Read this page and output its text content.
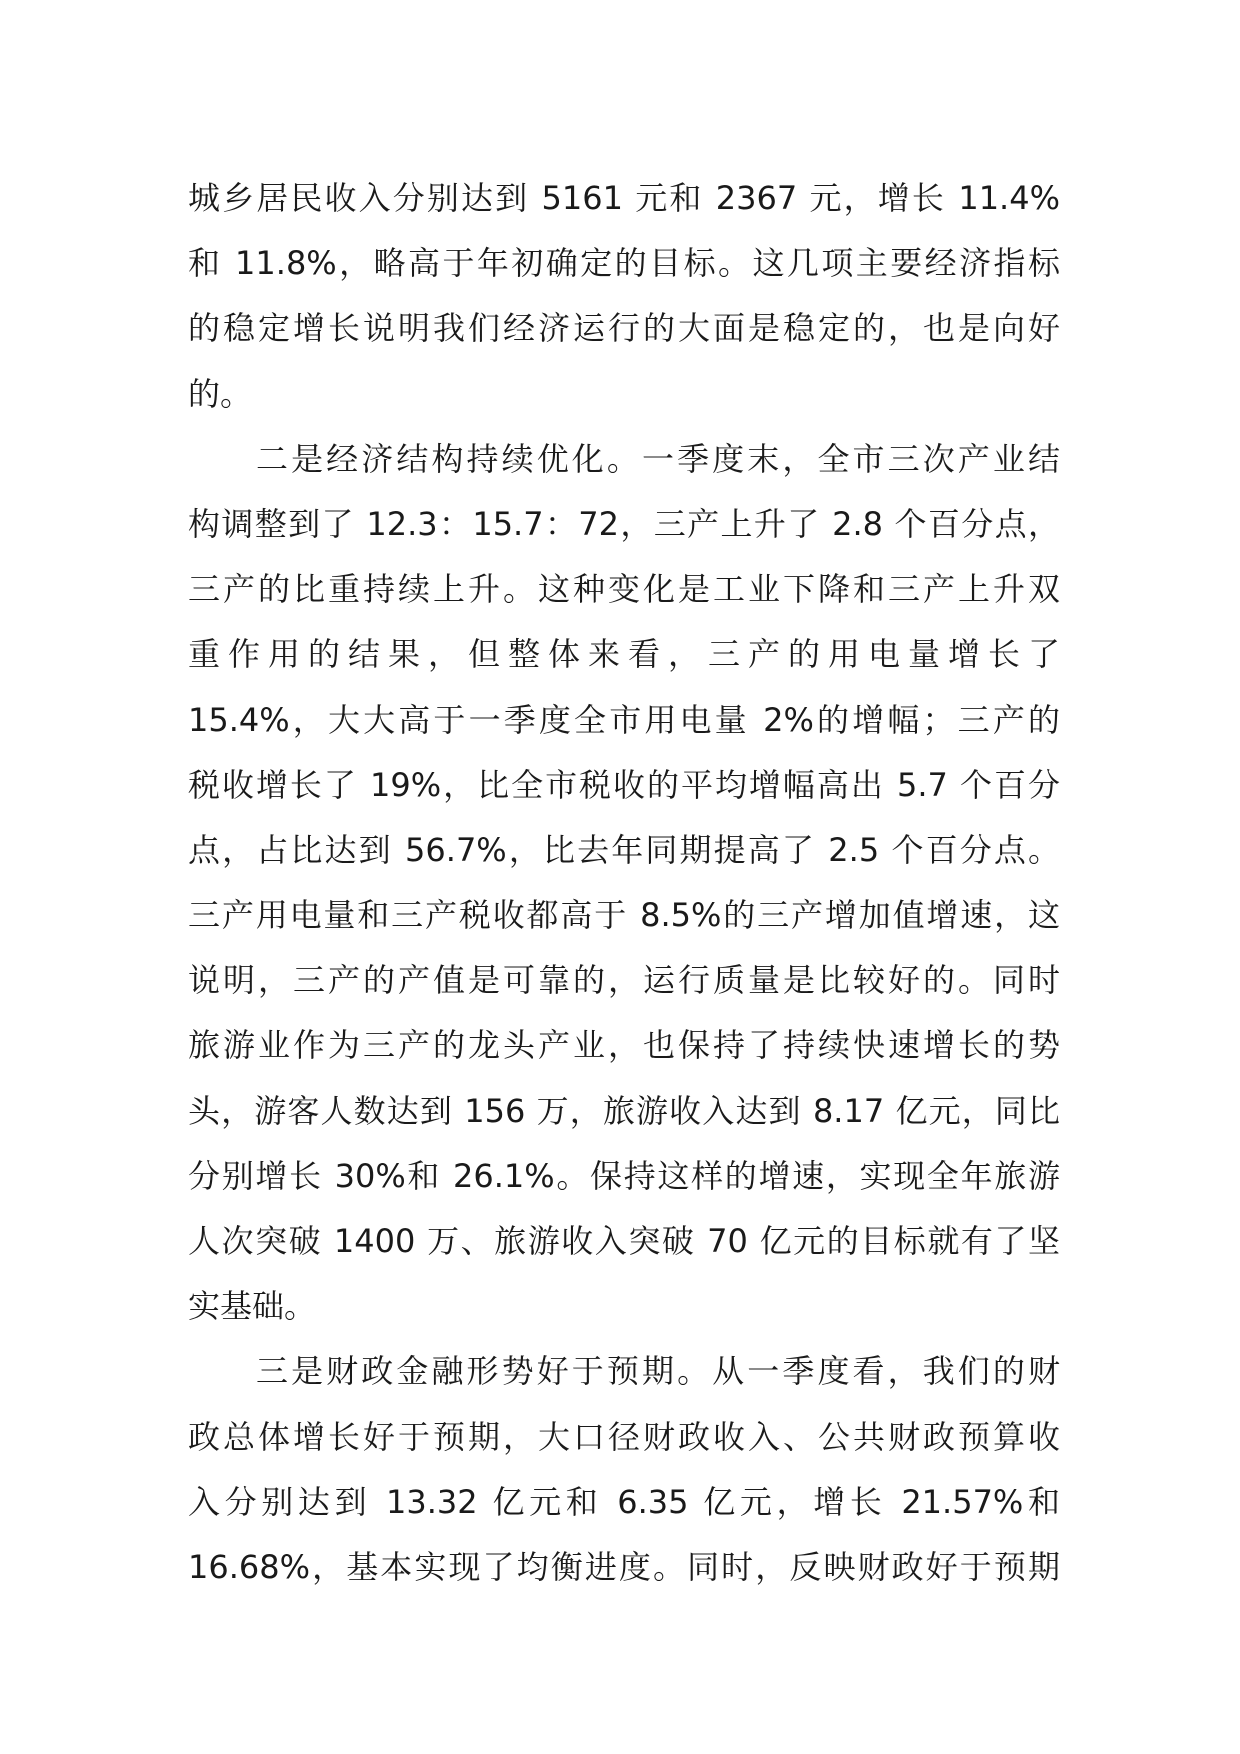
城乡居民收入分别达到 5161 元和 2367 元，增长 11.4%
和 11.8%，略高于年初确定的目标。这几项主要经济指标
的稳定增长说明我们经济运行的大面是稳定的，也是向好
的。
二是经济结构持续优化。一季度末，全市三次产业结
构调整到了 12.3：15.7：72，三产上升了 2.8 个百分点，
三产的比重持续上升。这种变化是工业下降和三产上升双
重作用的结果，但整体来看，三产的用电量增长了
15.4%，大大高于一季度全市用电量 2%的增幅；三产的
税收增长了 19%，比全市税收的平均增幅高出 5.7 个百分
点，占比达到 56.7%，比去年同期提高了 2.5 个百分点。
三产用电量和三产税收都高于 8.5%的三产增加值增速，这
说明，三产的产值是可靠的，运行质量是比较好的。同时
旅游业作为三产的龙头产业，也保持了持续快速增长的势
头，游客人数达到 156 万，旅游收入达到 8.17 亿元，同比
分别增长 30%和 26.1%。保持这样的增速，实现全年旅游
人次突破 1400 万、旅游收入突破 70 亿元的目标就有了坚
实基础。
三是财政金融形势好于预期。从一季度看，我们的财
政总体增长好于预期，大口径财政收入、公共财政预算收
入分别达到 13.32 亿元和 6.35 亿元，增长 21.57%和
16.68%，基本实现了均衡进度。同时，反映财政好于预期
